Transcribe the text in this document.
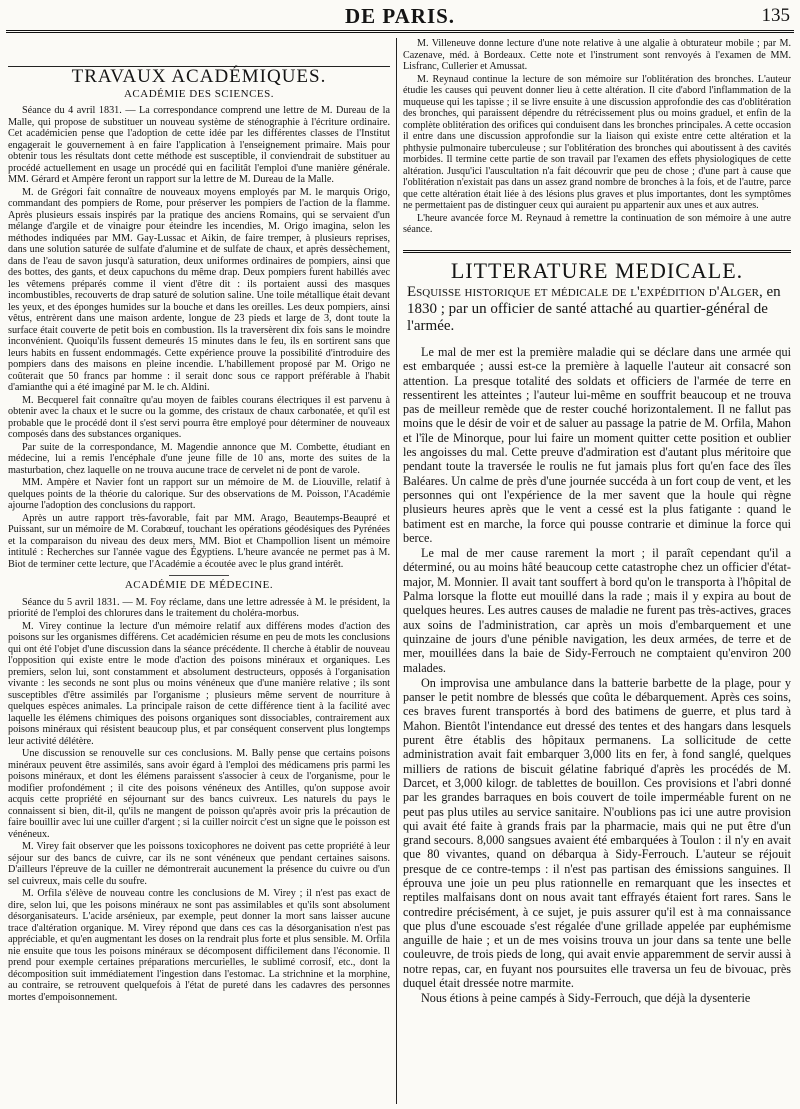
DE PARIS.	135
TRAVAUX ACADÉMIQUES.
ACADÉMIE DES SCIENCES.

Séance du 4 avril 1831. — La correspondance comprend une lettre de M. Dureau de la Malle, qui propose de substituer un nouveau système de sténographie à l'écriture ordinaire. Cet académicien pense que l'adoption de cette idée par les différentes classes de l'Institut engagerait le gouvernement à en faire l'application à l'enseignement primaire. Mais pour obtenir tous les résultats dont cette méthode est susceptible, il conviendrait de substituer au procédé actuellement en usage un procédé qui en facilitât l'emploi d'une manière générale. MM. Gérard et Ampère feront un rapport sur la lettre de M. Dureau de la Malle.

M. de Grégori fait connaître de nouveaux moyens employés par M. le marquis Origo, commandant des pompiers de Rome, pour préserver les pompiers de l'action de la flamme. Après plusieurs essais inspirés par la pratique des anciens Romains, qui se servaient d'un mélange d'argile et de vinaigre pour éteindre les incendies, M. Origo imagina, selon les méthodes indiquées par MM. Gay-Lussac et Aikin, de faire tremper, à plusieurs reprises, dans une solution saturée de sulfate d'alumine et de sulfate de chaux, et après dessèchement, dans de l'eau de savon jusqu'à saturation, deux uniformes ordinaires de pompiers, ainsi que des bottes, des gants, et deux capuchons du même drap. Deux pompiers furent habillés avec les vêtemens préparés comme il vient d'être dit : ils portaient aussi des masques incombustibles, recouverts de drap saturé de solution saline. Une toile métallique était devant les yeux, et des éponges humides sur la bouche et dans les oreilles. Les deux pompiers, ainsi vêtus, entrèrent dans une maison ardente, longue de 23 pieds et large de 3, dont toute la surface était couverte de petit bois en combustion. Ils la traversèrent dix fois sans le moindre inconvénient. Quoiqu'ils fussent demeurés 15 minutes dans le feu, ils en sortirent sans que leurs habits en fussent endommagés. Cette expérience prouve la possibilité d'introduire des pompiers dans des maisons en pleine incendie. L'habillement proposé par M. Origo ne coûterait que 50 francs par homme : il serait donc sous ce rapport préférable à l'habit d'amianthe qui a été imaginé par M. le ch. Aldini.

M. Becquerel fait connaître qu'au moyen de faibles courans électriques il est parvenu à obtenir avec la chaux et le sucre ou la gomme, des cristaux de chaux carbonatée, et qu'il est probable que le procédé dont il s'est servi pourra être employé pour déterminer de nouveaux composés dans des substances organiques.

Par suite de la correspondance, M. Magendie annonce que M. Combette, étudiant en médecine, lui a remis l'encéphale d'une jeune fille de 10 ans, morte des suites de la masturbation, chez laquelle on ne trouva aucune trace de cervelet ni de pont de varole.

MM. Ampère et Navier font un rapport sur un mémoire de M. de Liouville, relatif à quelques points de la théorie du calorique. Sur des observations de M. Poisson, l'Académie ajourne l'adoption des conclusions du rapport.

Après un autre rapport très-favorable, fait par MM. Arago, Beautemps-Beaupré et Puissant, sur un mémoire de M. Corabœuf, touchant les opérations géodésiques des Pyrénées et la comparaison du niveau des deux mers, MM. Biot et Champollion lisent un mémoire intitulé : Recherches sur l'année vague des Égyptiens. L'heure avancée ne permet pas à M. Biot de terminer cette lecture, que l'Académie a écoutée avec le plus grand intérêt.

ACADÉMIE DE MÉDECINE.

Séance du 5 avril 1831. — M. Foy réclame, dans une lettre adressée à M. le président, la priorité de l'emploi des chlorures dans le traitement du choléra-morbus.

M. Virey continue la lecture d'un mémoire relatif aux différens modes d'action des poisons sur les organismes différens. Cet académicien résume en peu de mots les conclusions qui ont été l'objet d'une discussion dans la séance précédente. Il cherche à établir de nouveau l'opposition qui existe entre le mode d'action des poisons minéraux et organiques. Les premiers, selon lui, sont constamment et absolument destructeurs, opposés à l'organisation vivante : les seconds ne sont plus ou moins vénéneux que d'une manière relative ; ils sont susceptibles d'être assimilés par l'organisme ; plusieurs même servent de nourriture à quelques espèces animales. La principale raison de cette différence tient à la facilité avec laquelle les élémens chimiques des poisons organiques sont dissociables, contrairement aux poisons minéraux qui résistent beaucoup plus, et par conséquent conservent plus longtemps leur activité délétère.

Une discussion se renouvelle sur ces conclusions. M. Bally pense que certains poisons minéraux peuvent être assimilés, sans avoir égard à l'emploi des médicamens pris parmi les poisons minéraux, et dont les élémens paraissent s'associer à ceux de l'organisme, pour le modifier profondément ; il cite des poisons vénéneux des Antilles, qu'on suppose avoir acquis cette propriété en séjournant sur des bancs cuivreux. Les naturels du pays le connaissent si bien, dit-il, qu'ils ne mangent de poisson qu'après avoir pris la précaution de faire bouillir avec lui une cuiller d'argent ; si la cuiller noircit c'est un signe que le poisson est vénéneux.

M. Virey fait observer que les poissons toxicophores ne doivent pas cette propriété à leur séjour sur des bancs de cuivre, car ils ne sont vénéneux que pendant certaines saisons. D'ailleurs l'épreuve de la cuiller ne démontrerait aucunement la présence du cuivre ou d'un sel cuivreux, mais celle du soufre.

M. Orfila s'élève de nouveau contre les conclusions de M. Virey ; il n'est pas exact de dire, selon lui, que les poisons minéraux ne sont pas assimilables et qu'ils sont absolument désorganisateurs. L'acide arsénieux, par exemple, peut donner la mort sans laisser aucune trace d'altération organique. M. Virey répond que dans ces cas la désorganisation n'est pas appréciable, et qu'en augmentant les doses on la rendrait plus forte et plus sensible. M. Orfila nie ensuite que tous les poisons minéraux se décomposent difficilement dans l'économie. Il prend pour exemple certaines préparations mercurielles, le sublimé corrosif, etc., dont la décomposition suit immédiatement l'ingestion dans l'estomac. La strichnine et la morphine, au contraire, se retrouvent quelquefois à l'état de pureté dans les cadavres des personnes mortes d'empoisonnement.

M. Villeneuve donne lecture d'une note relative à une algalie à obturateur mobile ; par M. Cazenave, méd. à Bordeaux. Cette note et l'instrument sont renvoyés à l'examen de MM. Lisfranc, Cullerier et Amussat.

M. Reynaud continue la lecture de son mémoire sur l'oblitération des bronches. L'auteur étudie les causes qui peuvent donner lieu à cette altération. Il cite d'abord l'inflammation de la muqueuse qui les tapisse ; il se livre ensuite à une discussion approfondie des cas d'oblitération des bronches, qui paraissent dépendre du rétrécissement plus ou moins graduel, et enfin de la complète oblitération des orifices qui conduisent dans les bronches principales. A cette occasion il entre dans une discussion approfondie sur la liaison qui existe entre cette altération et la phthysie pulmonaire tuberculeuse ; sur l'oblitération des bronches qui aboutissent à des cavités morbides. Il termine cette partie de son travail par l'examen des effets physiologiques de cette altération. Jusqu'ici l'auscultation n'a fait découvrir que peu de chose ; d'une part à cause que l'oblitération n'existait pas dans un assez grand nombre de bronches à la fois, et de l'autre, parce que cette altération était liée à des lésions plus graves et plus importantes, dont les symptômes ne permettaient pas de distinguer ceux qui auraient pu appartenir aux unes et aux autres.

L'heure avancée force M. Reynaud à remettre la continuation de son mémoire à une autre séance.

LITTERATURE MEDICALE.
Esquisse historique et médicale de l'expédition d'Alger, en 1830 ; par un officier de santé attaché au quartier-général de l'armée.

Le mal de mer est la première maladie qui se déclare dans une armée qui est embarquée ; aussi est-ce la première à laquelle l'auteur ait consacré son attention. La presque totalité des soldats et officiers de l'armée de terre en ressentirent les atteintes ; l'auteur lui-même en souffrit beaucoup et ne trouva pas de meilleur remède que de rester couché horizontalement. Il ne fallut pas moins que le désir de voir et de saluer au passage la patrie de M. Orfila, Mahon et l'île de Minorque, pour lui faire un moment quitter cette position et oublier les angoisses du mal. Cette preuve d'admiration est d'autant plus méritoire que pendant toute la traversée le roulis ne fut jamais plus fort qu'en face des îles Baléares. Un calme de près d'une journée succéda à un fort coup de vent, et les personnes qui ont l'expérience de la mer savent que la houle qui règne plusieurs heures après que le vent a cessé est la plus fatigante : quand le batiment est en marche, la force qui pousse contrarie et diminue la force qui berce.

Le mal de mer cause rarement la mort ; il paraît cependant qu'il a déterminé, ou au moins hâté beaucoup cette catastrophe chez un officier d'état-major, M. Monnier. Il avait tant souffert à bord qu'on le transporta à l'hôpital de Palma lorsque la flotte eut mouillé dans la rade ; mais il y expira au bout de quelques heures. Les autres causes de maladie ne furent pas très-actives, graces aux soins de l'administration, car après un mois d'embarquement et une quinzaine de jours d'une pénible navigation, les deux armées, de terre et de mer, mouillées dans la baie de Sidy-Ferrouch ne comptaient qu'environ 200 malades.

On improvisa une ambulance dans la batterie barbette de la plage, pour y panser le petit nombre de blessés que coûta le débarquement. Après ces soins, ces braves furent transportés à bord des batimens de guerre, et plus tard à Mahon. Bientôt l'intendance eut dressé des tentes et des hangars dans lesquels purent être établis des hôpitaux permanens. La sollicitude de cette administration avait fait embarquer 3,000 lits en fer, à fond sanglé, quelques milliers de rations de biscuit gélatine fabriqué d'après les procédés de M. Darcet, et 3,000 kilogr. de tablettes de bouillon. Ces provisions et l'abri donné par les grandes barraques en bois couvert de toile imperméable furent on ne peut pas plus utiles au service sanitaire. N'oublions pas ici une autre provision qui avait été faite à grands frais par la pharmacie, mais qui ne put être d'un grand secours. 8,000 sangsues avaient été embarquées à Toulon : il n'y en avait que 80 vivantes, quand on débarqua à Sidy-Ferrouch. L'auteur se réjouit presque de ce contre-temps : il n'est pas partisan des émissions sanguines. Il éprouva une joie un peu plus rationnelle en remarquant que les insectes et reptiles malfaisans dont on nous avait tant effrayés étaient fort rares. Sans le contredire précisément, à ce sujet, je puis assurer qu'il est à ma connaissance que plus d'une escouade s'est régalée d'une grillade appelée par euphémisme anguille de haie ; et un de mes voisins trouva un jour dans sa tente une belle couleuvre, de trois pieds de long, qui avait envie apparemment de servir aussi à notre repas, car, en fuyant nos poursuites elle traversa un feu de bivouac, près duquel était dressée notre marmite.

Nous étions à peine campés à Sidy-Ferrouch, que déjà la dysenterie
